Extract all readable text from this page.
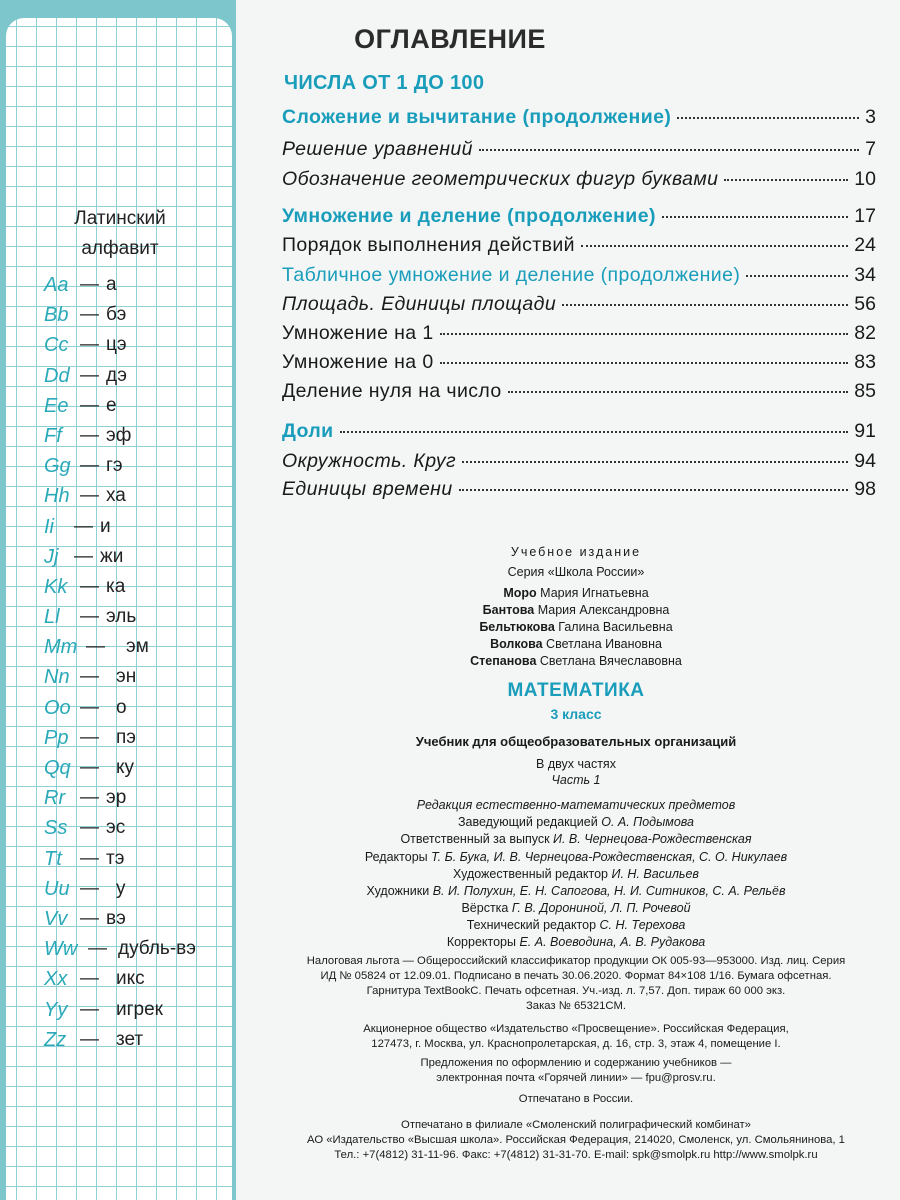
Латинский
алфавит
Aa — а
Bb — бэ
Cc — цэ
Dd — дэ
Ee — е
Ff — эф
Gg — гэ
Hh — ха
Ii	— и
Jj — жи
Kk — ка
Ll	— эль
Mm —	эм
Nn — эн
Oo — о
Pp — пэ
Qq — ку
Rr — эр
Ss — эс
Tt — тэ
Uu — у
Vv — вэ
Ww — дубль-вэ
Xx — икс
Yy — игрек
Zz — зет
ОГЛАВЛЕНИЕ
ЧИСЛА ОТ 1 ДО 100
Сложение и вычитание (продолжение)	3
Решение уравнений	7
Обозначение геометрических фигур буквами	10
Умножение и деление (продолжение)	17
Порядок выполнения действий	24
Табличное умножение и деление (продолжение)	34
Площадь. Единицы площади	56
Умножение на 1	82
Умножение на 0	83
Деление нуля на число	85
Доли	91
Окружность. Круг	94
Единицы времени	98
Учебное издание
Серия «Школа России»
Моро Мария Игнатьевна
Бантова Мария Александровна
Бельтюкова Галина Васильевна
Волкова Светлана Ивановна
Степанова Светлана Вячеславовна
МАТЕМАТИКА
3 класс
Учебник для общеобразовательных организаций
В двух частях
Часть 1
Редакция естественно-математических предметов
Заведующий редакцией О. А. Подымова
Ответственный за выпуск И. В. Чернецова-Рождественская
Редакторы Т. Б. Бука, И. В. Чернецова-Рождественская, С. О. Никулаев
Художественный редактор И. Н. Васильев
Художники В. И. Полухин, Е. Н. Сапогова, Н. И. Ситников, С. А. Рельёв
Вёрстка Г. В. Дорониной, Л. П. Рочевой
Технический редактор С. Н. Терехова
Корректоры Е. А. Воеводина, А. В. Рудакова
Налоговая льгота — Общероссийский классификатор продукции ОК 005-93—953000. Изд. лиц. Серия
ИД № 05824 от 12.09.01. Подписано в печать 30.06.2020. Формат 84×108 1/16. Бумага офсетная.
Гарнитура TextBookC. Печать офсетная. Уч.-изд. л. 7,57. Доп. тираж 60 000 экз.
Заказ № 65321СМ.
Акционерное общество «Издательство «Просвещение». Российская Федерация,
127473, г. Москва, ул. Краснопролетарская, д. 16, стр. 3, этаж 4, помещение I.
Предложения по оформлению и содержанию учебников —
электронная почта «Горячей линии» — fpu@prosv.ru.
Отпечатано в России.
Отпечатано в филиале «Смоленский полиграфический комбинат»
АО «Издательство «Высшая школа». Российская Федерация, 214020, Смоленск, ул. Смольянинова, 1
Тел.: +7(4812) 31-11-96. Факс: +7(4812) 31-31-70. E-mail: spk@smolpk.ru http://www.smolpk.ru
